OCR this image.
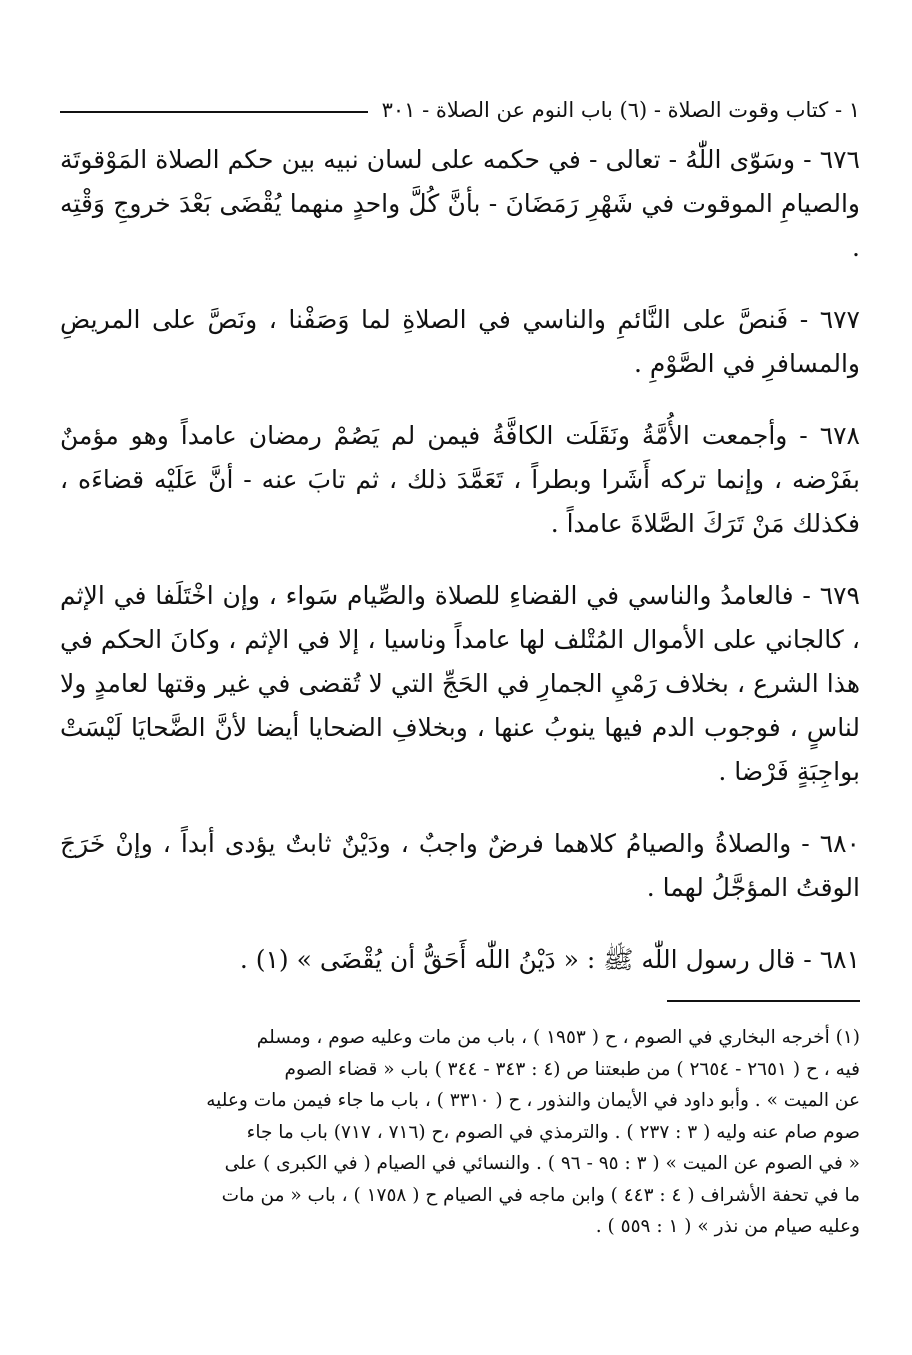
١ - كتاب وقوت الصلاة - (٦) باب النوم عن الصلاة - ٣٠١

٦٧٦ - وسَوّى اللّٰهُ - تعالى - في حكمه على لسان نبيه بين حكم الصلاة المَوْقوتَة والصيامِ الموقوت في شَهْرِ رَمَضَانَ - بأنَّ كُلَّ واحدٍ منهما يُقْضَى بَعْدَ خروجِ وَقْتِه .

٦٧٧ - فَنصَّ على النَّائمِ والناسي في الصلاةِ لما وَصَفْنا ، ونَصَّ على المريضِ والمسافرِ في الصَّوْمِ .

٦٧٨ - وأجمعت الأُمَّةُ ونَقَلَت الكافَّةُ فيمن لم يَصُمْ رمضان عامداً وهو مؤمنٌ بفَرْضه ، وإنما تركه أَشَرا وبطراً ، تَعَمَّدَ ذلك ، ثم تابَ عنه - أنَّ عَلَيْه قضاءَه ، فكذلك مَنْ تَرَكَ الصَّلاةَ عامداً .

٦٧٩ - فالعامدُ والناسي في القضاءِ للصلاة والصِّيام سَواء ، وإن اخْتَلَفا في الإثم ، كالجاني على الأموال المُتْلف لها عامداً وناسيا ، إلا في الإثم ، وكانَ الحكم في هذا الشرع ، بخلاف رَمْيِ الجمارِ في الحَجِّ التي لا تُقضى في غير وقتها لعامدٍ ولا لناسٍ ، فوجوب الدم فيها ينوبُ عنها ، وبخلافِ الضحايا أيضا لأنَّ الضَّحايَا لَيْسَتْ بواجِبَةٍ فَرْضا .

٦٨٠ - والصلاةُ والصيامُ كلاهما فرضٌ واجبٌ ، ودَيْنٌ ثابتٌ يؤدى أبداً ، وإنْ خَرَجَ الوقتُ المؤجَّلُ لهما .

٦٨١ - قال رسول اللّٰه ﷺ : « دَيْنُ اللّٰه أَحَقُّ أن يُقْضَى » (١) .

(١) أخرجه البخاري في الصوم ، ح ( ١٩٥٣ ) ، باب من مات وعليه صوم ، ومسلم
فيه ، ح ( ٢٦٥١ - ٢٦٥٤ ) من طبعتنا ص (٤ : ٣٤٣ - ٣٤٤ ) باب « قضاء الصوم
عن الميت » . وأبو داود في الأيمان والنذور ، ح ( ٣٣١٠ ) ، باب ما جاء فيمن مات وعليه
صوم صام عنه وليه ( ٣ : ٢٣٧ ) . والترمذي في الصوم ،ح (٧١٦ ، ٧١٧) باب ما جاء
« في الصوم عن الميت » ( ٣ : ٩٥ - ٩٦ ) . والنسائي في الصيام ( في الكبرى ) على
ما في تحفة الأشراف ( ٤ : ٤٤٣ ) وابن ماجه في الصيام ح ( ١٧٥٨ ) ، باب « من مات
وعليه صيام من نذر » ( ١ : ٥٥٩ ) .
